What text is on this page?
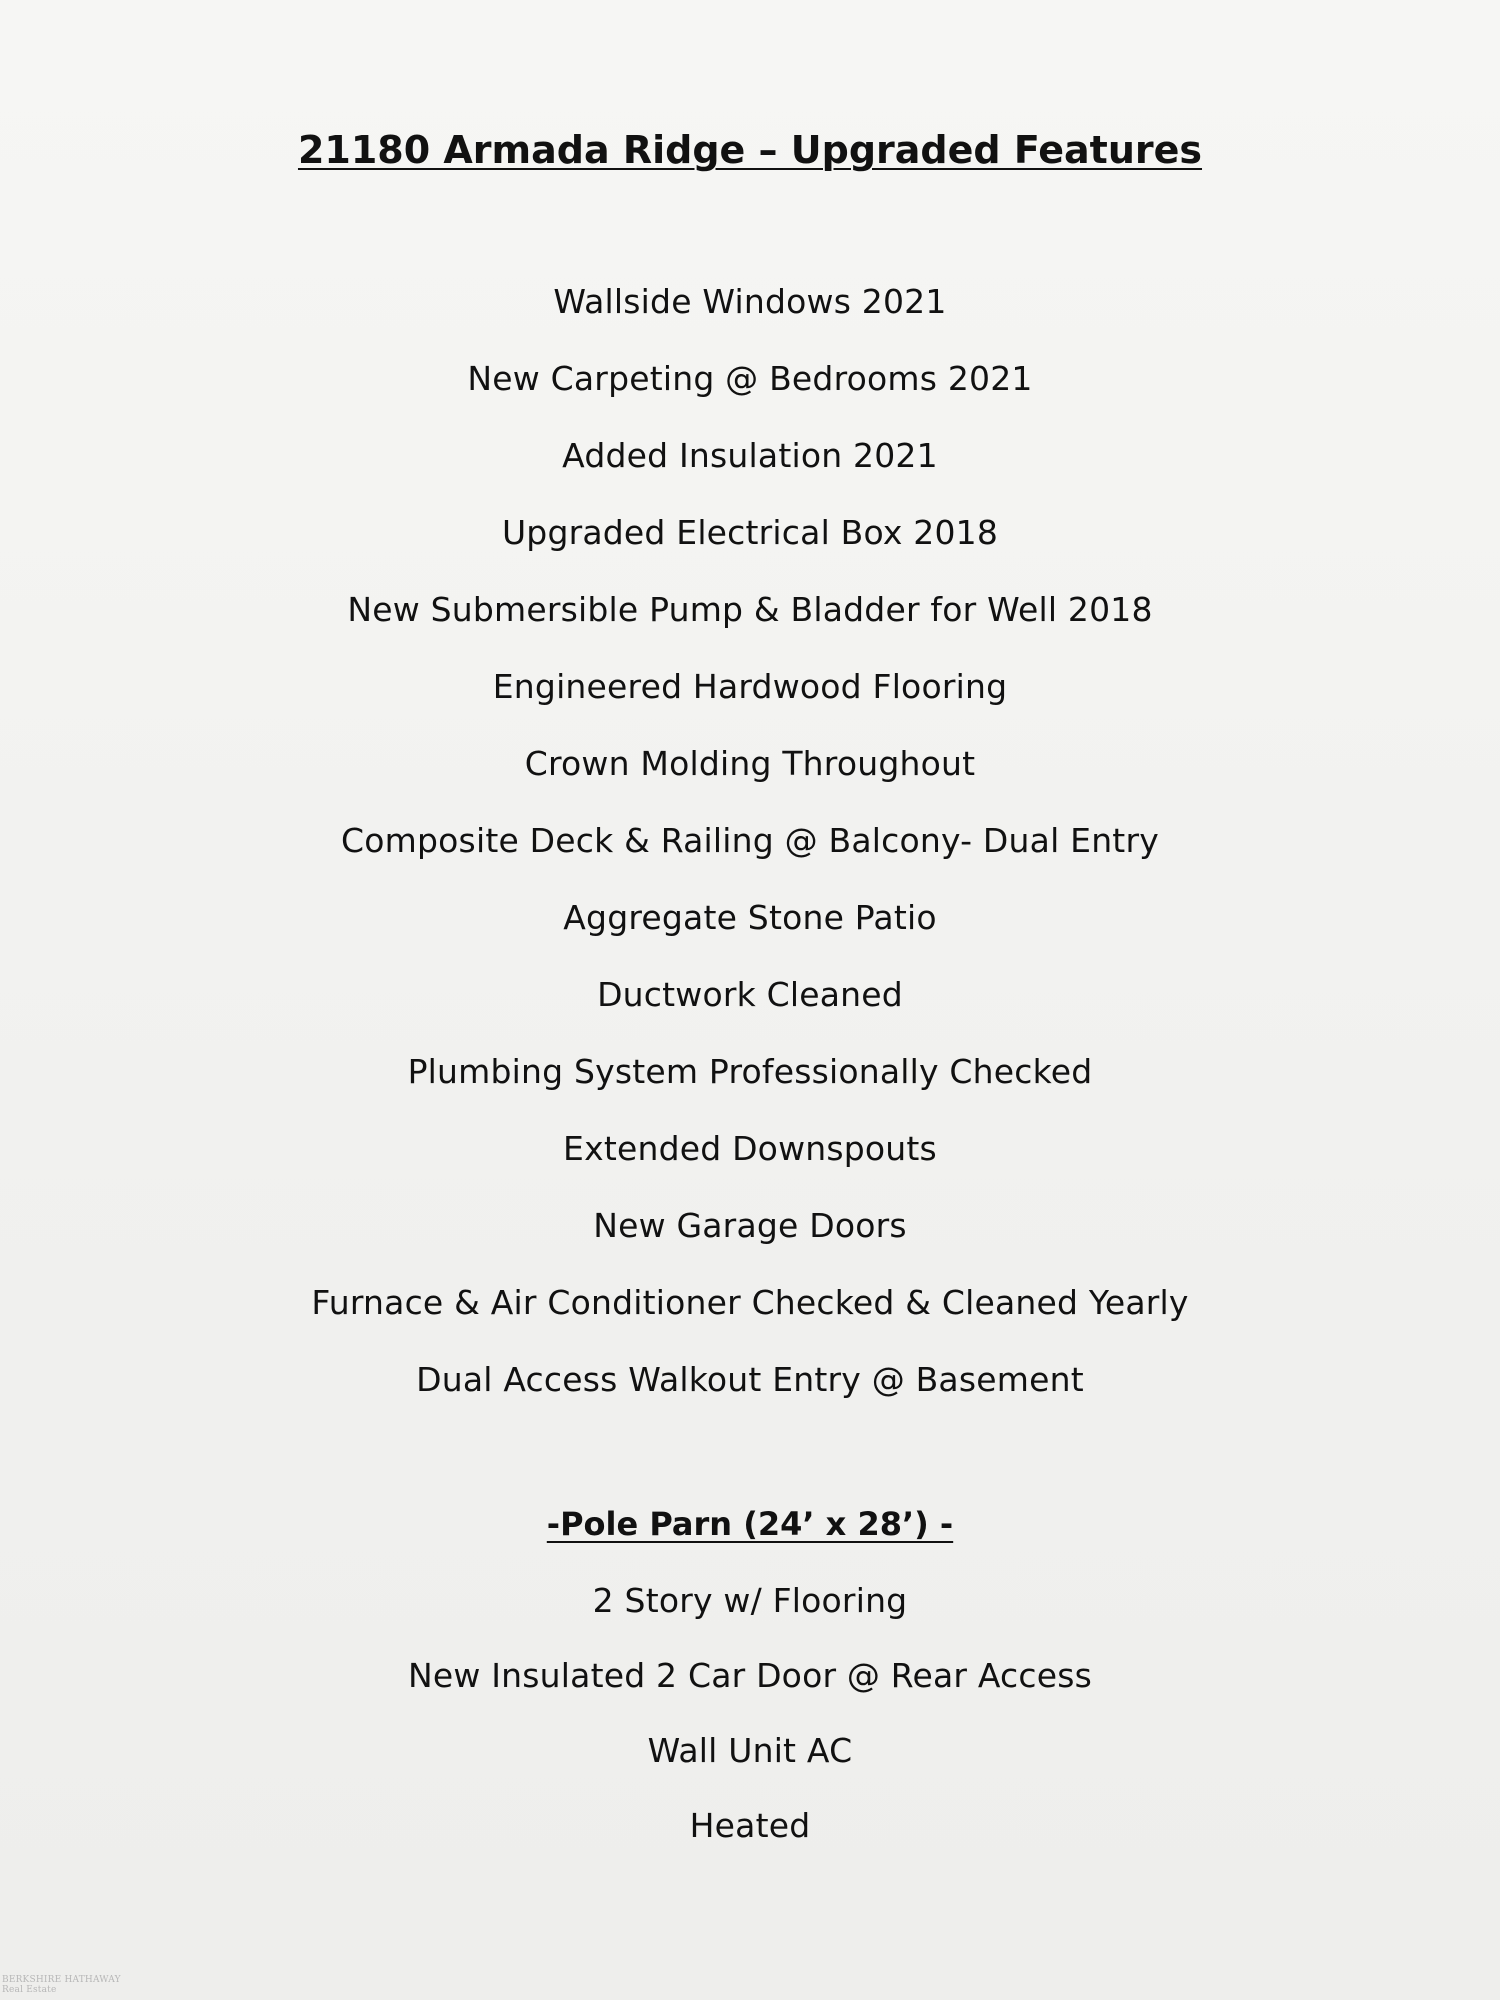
21180 Armada Ridge – Upgraded Features
Wallside Windows 2021
New Carpeting @ Bedrooms 2021
Added Insulation 2021
Upgraded Electrical Box 2018
New Submersible Pump & Bladder for Well 2018
Engineered Hardwood Flooring
Crown Molding Throughout
Composite Deck & Railing @ Balcony- Dual Entry
Aggregate Stone Patio
Ductwork Cleaned
Plumbing System Professionally Checked
Extended Downspouts
New Garage Doors
Furnace & Air Conditioner Checked & Cleaned Yearly
Dual Access Walkout Entry @ Basement
-Pole Parn (24’ x 28’) -
2 Story w/ Flooring
New Insulated 2 Car Door @ Rear Access
Wall Unit AC
Heated
BERKSHIRE HATHAWAY
Real Estate
